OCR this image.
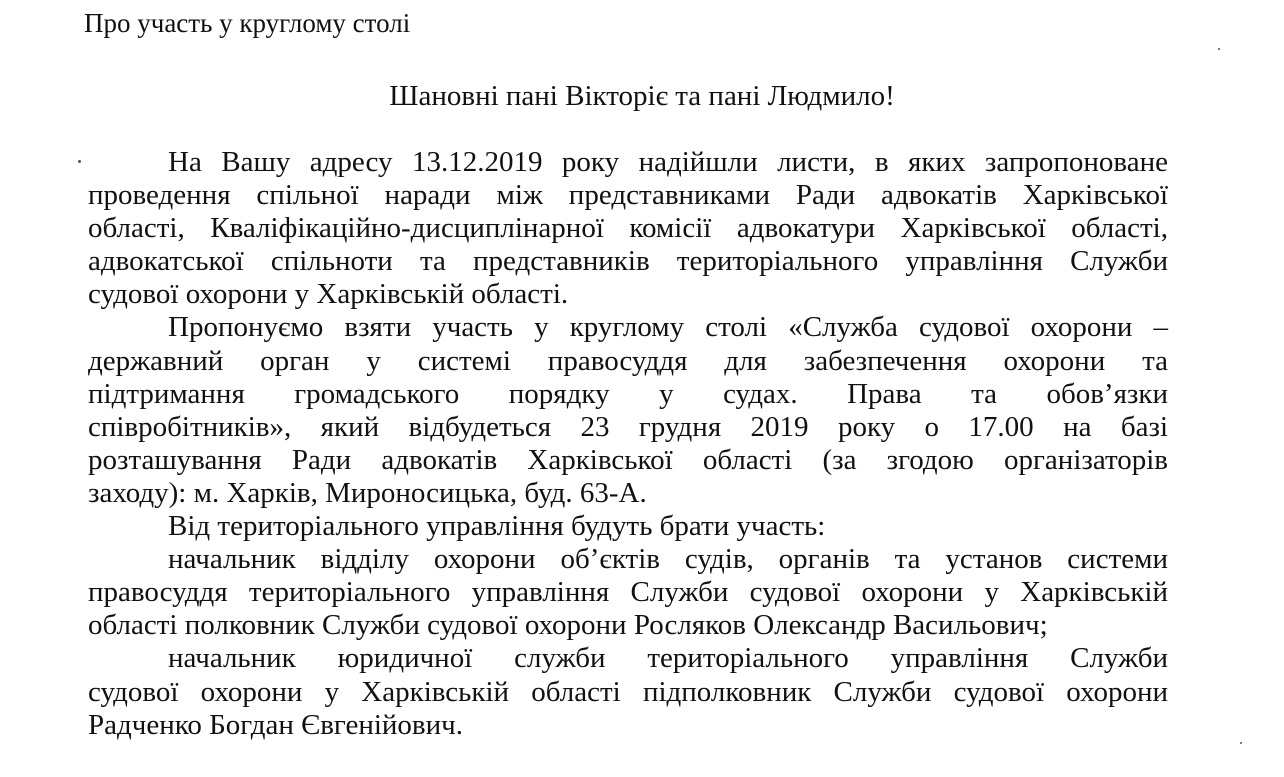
Про участь у круглому столі
Шановні пані Вікторіє та пані Людмило!
На Вашу адресу 13.12.2019 року надійшли листи, в яких запропоноване
проведення спільної наради між представниками Ради адвокатів Харківської
області, Кваліфікаційно-дисциплінарної комісії адвокатури Харківської області,
адвокатської спільноти та представників територіального управління Служби
судової охорони у Харківській області.
Пропонуємо взяти участь у круглому столі «Служба судової охорони –
державний орган у системі правосуддя для забезпечення охорони та
підтримання громадського порядку у судах. Права та обов’язки
співробітників», який відбудеться 23 грудня 2019 року о 17.00 на базі
розташування Ради адвокатів Харківської області (за згодою організаторів
заходу): м. Харків, Мироносицька, буд. 63-А.
Від територіального управління будуть брати участь:
начальник відділу охорони об’єктів судів, органів та установ системи
правосуддя територіального управління Служби судової охорони у Харківській
області полковник Служби судової охорони Росляков Олександр Васильович;
начальник юридичної служби територіального управління Служби
судової охорони у Харківській області підполковник Служби судової охорони
Радченко Богдан Євгенійович.
